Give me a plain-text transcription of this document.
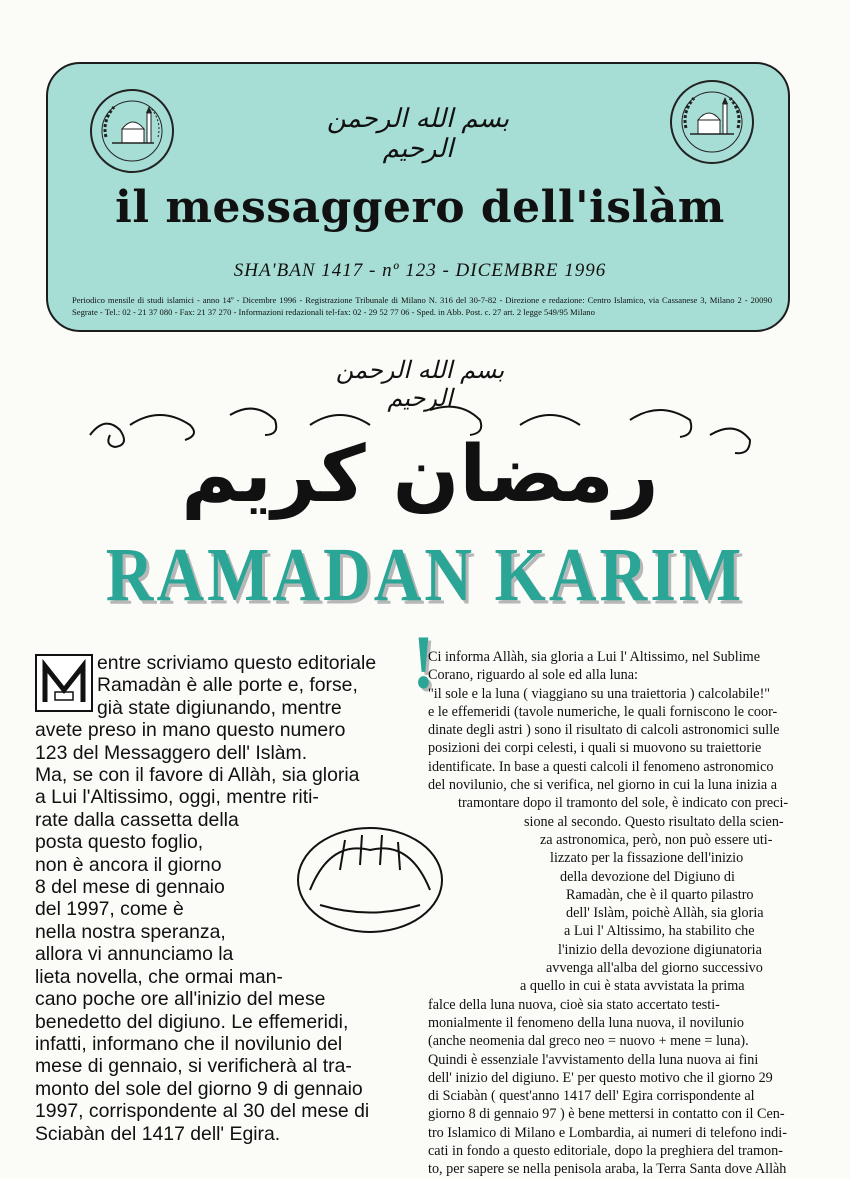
بسم الله الرحمن الرحيم
il messaggero dell'islàm
SHA'BAN 1417 - nº 123 - DICEMBRE 1996
Periodico mensile di studi islamici - anno 14º - Dicembre 1996 - Registrazione Tribunale di Milano N. 316 del 30-7-82 - Direzione e redazione: Centro Islamico, via Cassanese 3, Milano 2 - 20090 Segrate - Tel.: 02 - 21 37 080 - Fax: 21 37 270 - Informazioni redazionali tel-fax: 02 - 29 52 77 06 - Sped. in Abb. Post. c. 27 art. 2 legge 549/95 Milano
بسم الله الرحمن الرحيم
رمضان كريم
RAMADAN KARIM !

entre scriviamo questo editoriale
Ramadàn è alle porte e, forse,
già state digiunando, mentre
avete preso in mano questo numero
123 del Messaggero dell' Islàm.
Ma, se con il favore di Allàh, sia gloria
a Lui l'Altissimo, oggi, mentre riti-
rate dalla cassetta della
posta questo foglio,
non è ancora il giorno
8 del mese di gennaio
del 1997, come è
nella nostra speranza,
allora vi annunciamo la
lieta novella, che ormai man-
cano poche ore all'inizio del mese
benedetto del digiuno. Le effemeridi,
infatti, informano che il novilunio del
mese di gennaio, si verificherà al tra-
monto del sole del giorno 9 di gennaio
1997, corrispondente al 30 del mese di
Sciabàn del 1417 dell' Egira.

Ci informa Allàh, sia gloria a Lui l' Altissimo, nel Sublime
Corano, riguardo al sole ed alla luna:
"il sole e la luna ( viaggiano su una traiettoria ) calcolabile!"
e le effemeridi (tavole numeriche, le quali forniscono le coor-
dinate degli astri ) sono il risultato di calcoli astronomici sulle
posizioni dei corpi celesti, i quali si muovono su traiettorie
identificate. In base a questi calcoli il fenomeno astronomico
del novilunio, che si verifica, nel giorno in cui la luna inizia a
tramontare dopo il tramonto del sole, è indicato con preci-
sione al secondo. Questo risultato della scien-
za astronomica, però, non può essere uti-
lizzato per la fissazione dell'inizio
della devozione del Digiuno di
Ramadàn, che è il quarto pilastro
dell' Islàm, poichè Allàh, sia gloria
a Lui l' Altissimo, ha stabilito che
l'inizio della devozione digiunatoria
avvenga all'alba del giorno successivo
a quello in cui è stata avvistata la prima
falce della luna nuova, cioè sia stato accertato testi-
monialmente il fenomeno della luna nuova, il novilunio
(anche neomenia dal greco neo = nuovo + mene = luna).
Quindi è essenziale l'avvistamento della luna nuova ai fini
dell' inizio del digiuno. E' per questo motivo che il giorno 29
di Sciabàn ( quest'anno 1417 dell' Egira corrispondente al
giorno 8 di gennaio 97 ) è bene mettersi in contatto con il Cen-
tro Islamico di Milano e Lombardia, ai numeri di telefono indi-
cati in fondo a questo editoriale, dopo la preghiera del tramon-
to, per sapere se nella penisola araba, la Terra Santa dove Allàh
